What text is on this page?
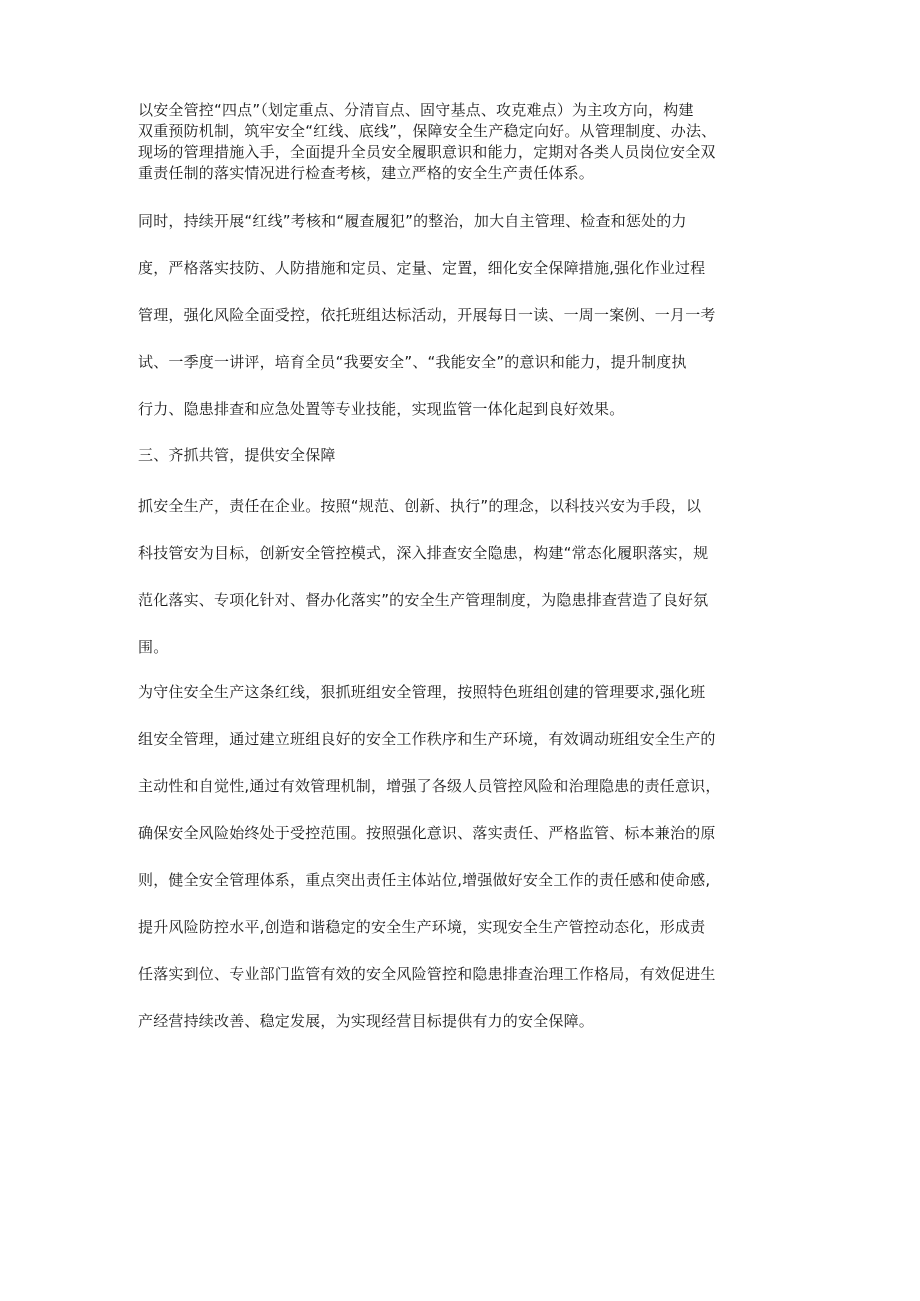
以安全管控“四点”（划定重点、分清盲点、固守基点、攻克难点）为主攻方向，构建
双重预防机制，筑牢安全“红线、底线”，保障安全生产稳定向好。从管理制度、办法、
现场的管理措施入手，全面提升全员安全履职意识和能力，定期对各类人员岗位安全双
重责任制的落实情况进行检查考核，建立严格的安全生产责任体系。

同时，持续开展“红线”考核和“履查履犯”的整治，加大自主管理、检查和惩处的力
度，严格落实技防、人防措施和定员、定量、定置，细化安全保障措施,强化作业过程
管理，强化风险全面受控，依托班组达标活动，开展每日一读、一周一案例、一月一考
试、一季度一讲评，培育全员“我要安全”、“我能安全”的意识和能力，提升制度执
行力、隐患排查和应急处置等专业技能，实现监管一体化起到良好效果。

三、齐抓共管，提供安全保障

抓安全生产，责任在企业。按照“规范、创新、执行”的理念，以科技兴安为手段，以
科技管安为目标，创新安全管控模式，深入排查安全隐患，构建“常态化履职落实，规
范化落实、专项化针对、督办化落实”的安全生产管理制度，为隐患排查营造了良好氛
围。

为守住安全生产这条红线，狠抓班组安全管理，按照特色班组创建的管理要求,强化班
组安全管理，通过建立班组良好的安全工作秩序和生产环境，有效调动班组安全生产的
主动性和自觉性,通过有效管理机制，增强了各级人员管控风险和治理隐患的责任意识，
确保安全风险始终处于受控范围。按照强化意识、落实责任、严格监管、标本兼治的原
则，健全安全管理体系，重点突出责任主体站位,增强做好安全工作的责任感和使命感,
提升风险防控水平,创造和谐稳定的安全生产环境，实现安全生产管控动态化，形成责
任落实到位、专业部门监管有效的安全风险管控和隐患排查治理工作格局，有效促进生
产经营持续改善、稳定发展，为实现经营目标提供有力的安全保障。
